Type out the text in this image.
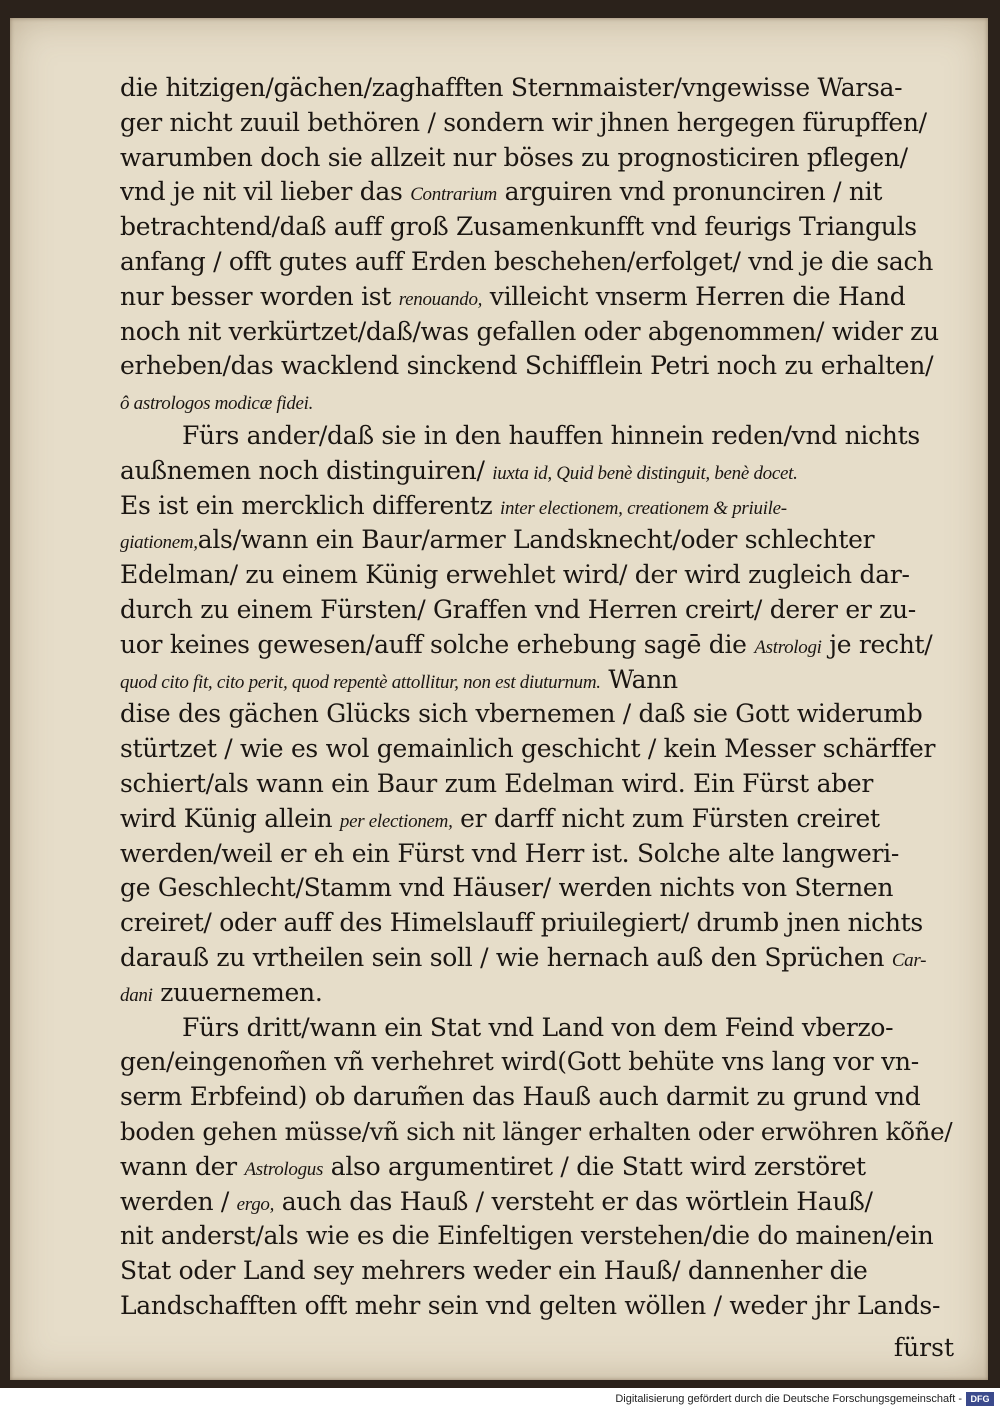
die hitzigen/gächen/zaghafften Sternmaister/vngewisse Warsa-
ger nicht zuuil bethören / sondern wir jhnen hergegen fürupffen/
warumben doch sie allzeit nur böses zu prognosticiren pflegen/
vnd je nit vil lieber das Contrarium arguiren vnd pronunciren / nit
betrachtend/daß auff groß Zusamenkunfft vnd feurigs Trianguls
anfang / offt gutes auff Erden beschehen/erfolget/ vnd je die sach
nur besser worden ist renouando, villeicht vnserm Herren die Hand
noch nit verkürtzet/daß/was gefallen oder abgenommen/ wider zu
erheben/das wacklend sinckend Schifflein Petri noch zu erhalten/
ô astrologos modicæ fidei.
Fürs ander/daß sie in den hauffen hinnein reden/vnd nichts
außnemen noch distinguiren/ iuxta id, Quid benè distinguit, benè docet.
Es ist ein mercklich differentz inter electionem, creationem & priuile-
giationem,als/wann ein Baur/armer Landsknecht/oder schlechter
Edelman/ zu einem Künig erwehlet wird/ der wird zugleich dar-
durch zu einem Fürsten/ Graffen vnd Herren creirt/ derer er zu-
uor keines gewesen/auff solche erhebung sagē die Astrologi je recht/
quod cito fit, cito perit, quod repentè attollitur, non est diuturnum. Wann
dise des gächen Glücks sich vbernemen / daß sie Gott widerumb
stürtzet / wie es wol gemainlich geschicht / kein Messer schärffer
schiert/als wann ein Baur zum Edelman wird. Ein Fürst aber
wird Künig allein per electionem, er darff nicht zum Fürsten creiret
werden/weil er eh ein Fürst vnd Herr ist. Solche alte langweri-
ge Geschlecht/Stamm vnd Häuser/ werden nichts von Sternen
creiret/ oder auff des Himelslauff priuilegiert/ drumb jnen nichts
darauß zu vrtheilen sein soll / wie hernach auß den Sprüchen Car-
dani zuuernemen.
Fürs dritt/wann ein Stat vnd Land von dem Feind vberzo-
gen/eingenom̃en vñ verhehret wird(Gott behüte vns lang vor vn-
serm Erbfeind) ob darum̃en das Hauß auch darmit zu grund vnd
boden gehen müsse/vñ sich nit länger erhalten oder erwöhren kõñe/
wann der Astrologus also argumentiret / die Statt wird zerstöret
werden / ergo, auch das Hauß / versteht er das wörtlein Hauß/
nit anderst/als wie es die Einfeltigen verstehen/die do mainen/ein
Stat oder Land sey mehrers weder ein Hauß/ dannenher die
Landschafften offt mehr sein vnd gelten wöllen / weder jhr Lands-
fürst
Digitalisierung gefördert durch die Deutsche Forschungsgemeinschaft - DFG
